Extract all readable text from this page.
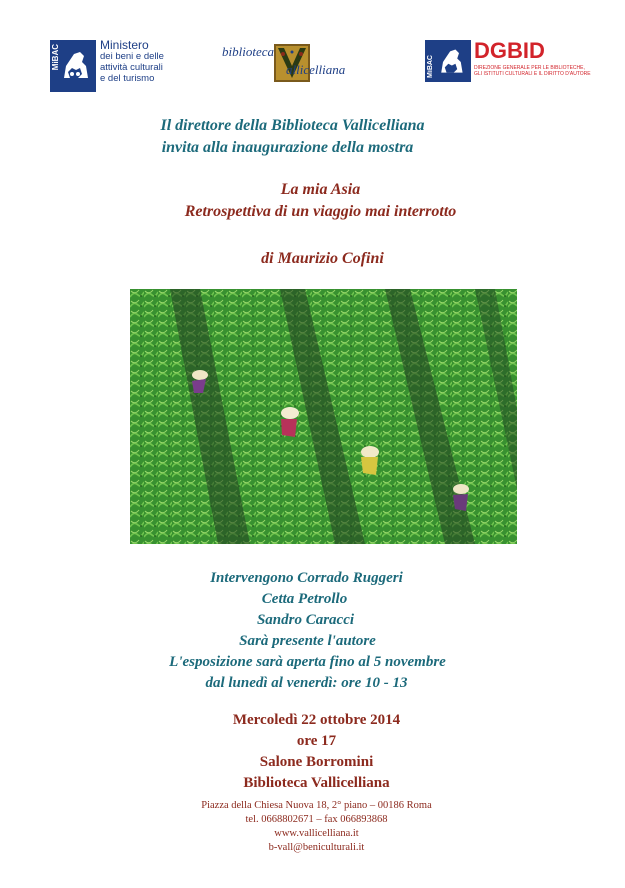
MiBAC	Ministero
dei beni e delle
attività culturali
e del turismo
biblioteca
allicelliana	MiBAC
DGBID
DIREZIONE GENERALE PER LE BIBLIOTECHE,
GLI ISTITUTI CULTURALI E IL DIRITTO D'AUTORE
Il direttore della Biblioteca Vallicelliana
invita alla inaugurazione della mostra
La mia Asia
Retrospettiva di un viaggio mai interrotto
di Maurizio Cofini
Intervengono Corrado Ruggeri
Cetta Petrollo
Sandro Caracci
Sarà presente l'autore
L'esposizione sarà aperta fino al 5 novembre
dal lunedì al venerdì: ore 10 - 13
Mercoledì 22 ottobre 2014
ore 17
Salone Borromini
Biblioteca Vallicelliana
Piazza della Chiesa Nuova 18, 2° piano – 00186 Roma
tel. 0668802671 – fax 066893868
www.vallicelliana.it
b-vall@beniculturali.it
